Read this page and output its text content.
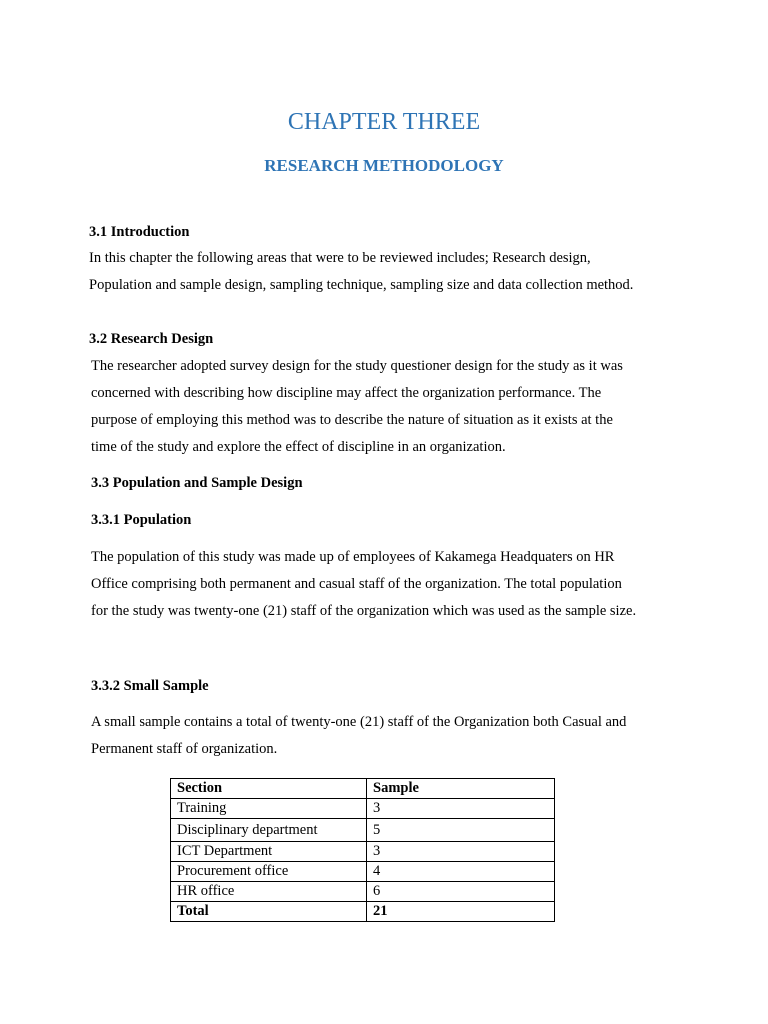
CHAPTER THREE
RESEARCH METHODOLOGY
3.1 Introduction
In this chapter the following areas that were to be reviewed includes; Research design,
Population and sample design, sampling technique, sampling size and data collection method.
3.2 Research Design
The researcher adopted survey design for the study questioner design for the study as it was
concerned with describing how discipline may affect the organization performance. The
purpose of employing this method was to describe the nature of situation as it exists at the
time of the study and explore the effect of discipline in an organization.
3.3 Population and Sample Design
3.3.1 Population
The population of this study was made up of employees of Kakamega Headquaters on HR
Office comprising both permanent and casual staff of the organization. The total population
for the study was twenty-one (21) staff of the organization which was used as the sample size.
3.3.2 Small Sample
A small sample contains a total of twenty-one (21) staff of the Organization both Casual and
Permanent staff of organization.
Section	Sample
Training	3
Disciplinary department	5
ICT Department	3
Procurement office	4
HR office	6
Total	21
